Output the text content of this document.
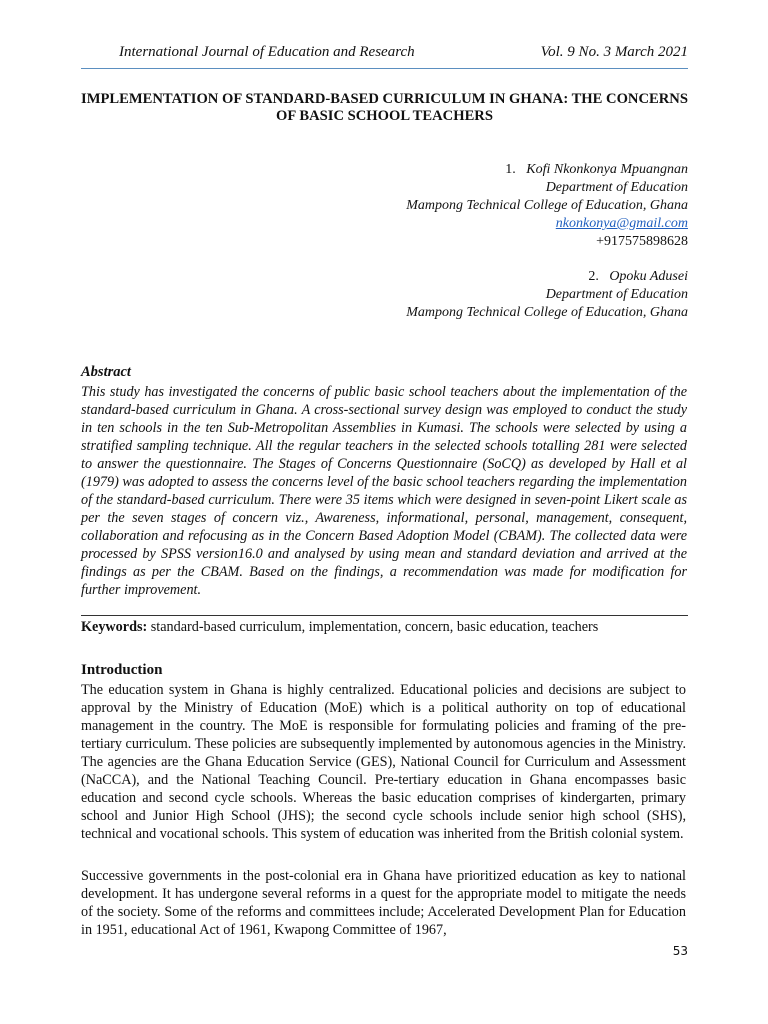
International Journal of Education and Research	Vol. 9 No. 3 March 2021
IMPLEMENTATION OF STANDARD-BASED CURRICULUM IN GHANA: THE CONCERNS OF BASIC SCHOOL TEACHERS
1. Kofi Nkonkonya Mpuangnan
Department of Education
Mampong Technical College of Education, Ghana
nkonkonya@gmail.com
+917575898628
2. Opoku Adusei
Department of Education
Mampong Technical College of Education, Ghana
Abstract
This study has investigated the concerns of public basic school teachers about the implementation of the standard-based curriculum in Ghana. A cross-sectional survey design was employed to conduct the study in ten schools in the ten Sub-Metropolitan Assemblies in Kumasi. The schools were selected by using a stratified sampling technique. All the regular teachers in the selected schools totalling 281 were selected to answer the questionnaire. The Stages of Concerns Questionnaire (SoCQ) as developed by Hall et al (1979) was adopted to assess the concerns level of the basic school teachers regarding the implementation of the standard-based curriculum. There were 35 items which were designed in seven-point Likert scale as per the seven stages of concern viz., Awareness, informational, personal, management, consequent, collaboration and refocusing as in the Concern Based Adoption Model (CBAM). The collected data were processed by SPSS version16.0 and analysed by using mean and standard deviation and arrived at the findings as per the CBAM. Based on the findings, a recommendation was made for modification for further improvement.
Keywords: standard-based curriculum, implementation, concern, basic education, teachers
Introduction
The education system in Ghana is highly centralized. Educational policies and decisions are subject to approval by the Ministry of Education (MoE) which is a political authority on top of educational management in the country. The MoE is responsible for formulating policies and framing of the pre-tertiary curriculum. These policies are subsequently implemented by autonomous agencies in the Ministry. The agencies are the Ghana Education Service (GES), National Council for Curriculum and Assessment (NaCCA), and the National Teaching Council. Pre-tertiary education in Ghana encompasses basic education and second cycle schools. Whereas the basic education comprises of kindergarten, primary school and Junior High School (JHS); the second cycle schools include senior high school (SHS), technical and vocational schools. This system of education was inherited from the British colonial system.
Successive governments in the post-colonial era in Ghana have prioritized education as key to national development. It has undergone several reforms in a quest for the appropriate model to mitigate the needs of the society. Some of the reforms and committees include; Accelerated Development Plan for Education in 1951, educational Act of 1961, Kwapong Committee of 1967,
53
